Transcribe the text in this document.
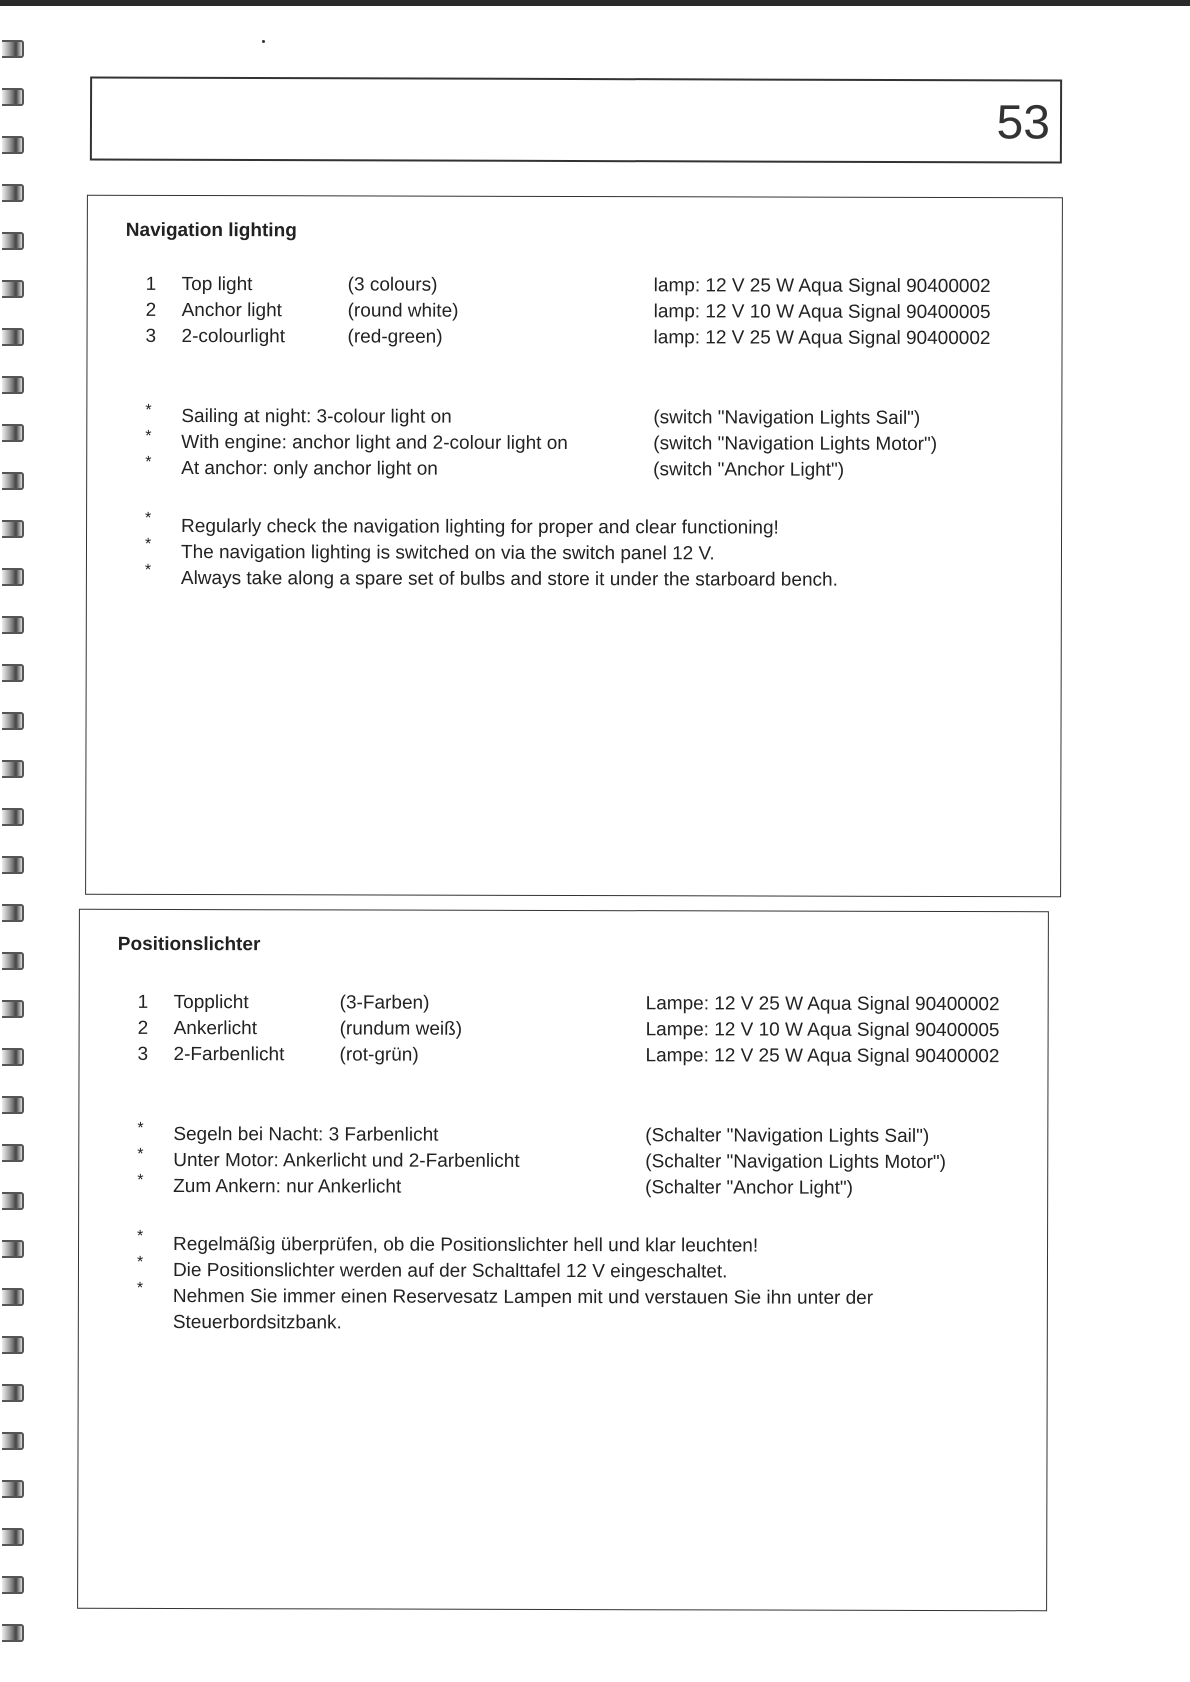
53
Navigation lighting
1	Top light	(3 colours)	lamp: 12 V 25 W Aqua Signal 90400002
2	Anchor light	(round white)	lamp: 12 V 10 W Aqua Signal 90400005
3	2-colourlight	(red-green)	lamp: 12 V 25 W Aqua Signal 90400002
* Sailing at night: 3-colour light on	(switch "Navigation Lights Sail")
* With engine: anchor light and 2-colour light on	(switch "Navigation Lights Motor")
* At anchor: only anchor light on	(switch "Anchor Light")
* Regularly check the navigation lighting for proper and clear functioning!
* The navigation lighting is switched on via the switch panel 12 V.
* Always take along a spare set of bulbs and store it under the starboard bench.
Positionslichter
1	Topplicht	(3-Farben)	Lampe: 12 V 25 W Aqua Signal 90400002
2	Ankerlicht	(rundum weiß)	Lampe: 12 V 10 W Aqua Signal 90400005
3	2-Farbenlicht	(rot-grün)	Lampe: 12 V 25 W Aqua Signal 90400002
* Segeln bei Nacht: 3 Farbenlicht	(Schalter "Navigation Lights Sail")
* Unter Motor: Ankerlicht und 2-Farbenlicht	(Schalter "Navigation Lights Motor")
* Zum Ankern: nur Ankerlicht	(Schalter "Anchor Light")
* Regelmäßig überprüfen, ob die Positionslichter hell und klar leuchten!
* Die Positionslichter werden auf der Schalttafel 12 V eingeschaltet.
* Nehmen Sie immer einen Reservesatz Lampen mit und verstauen Sie ihn unter der Steuerbordsitzbank.
